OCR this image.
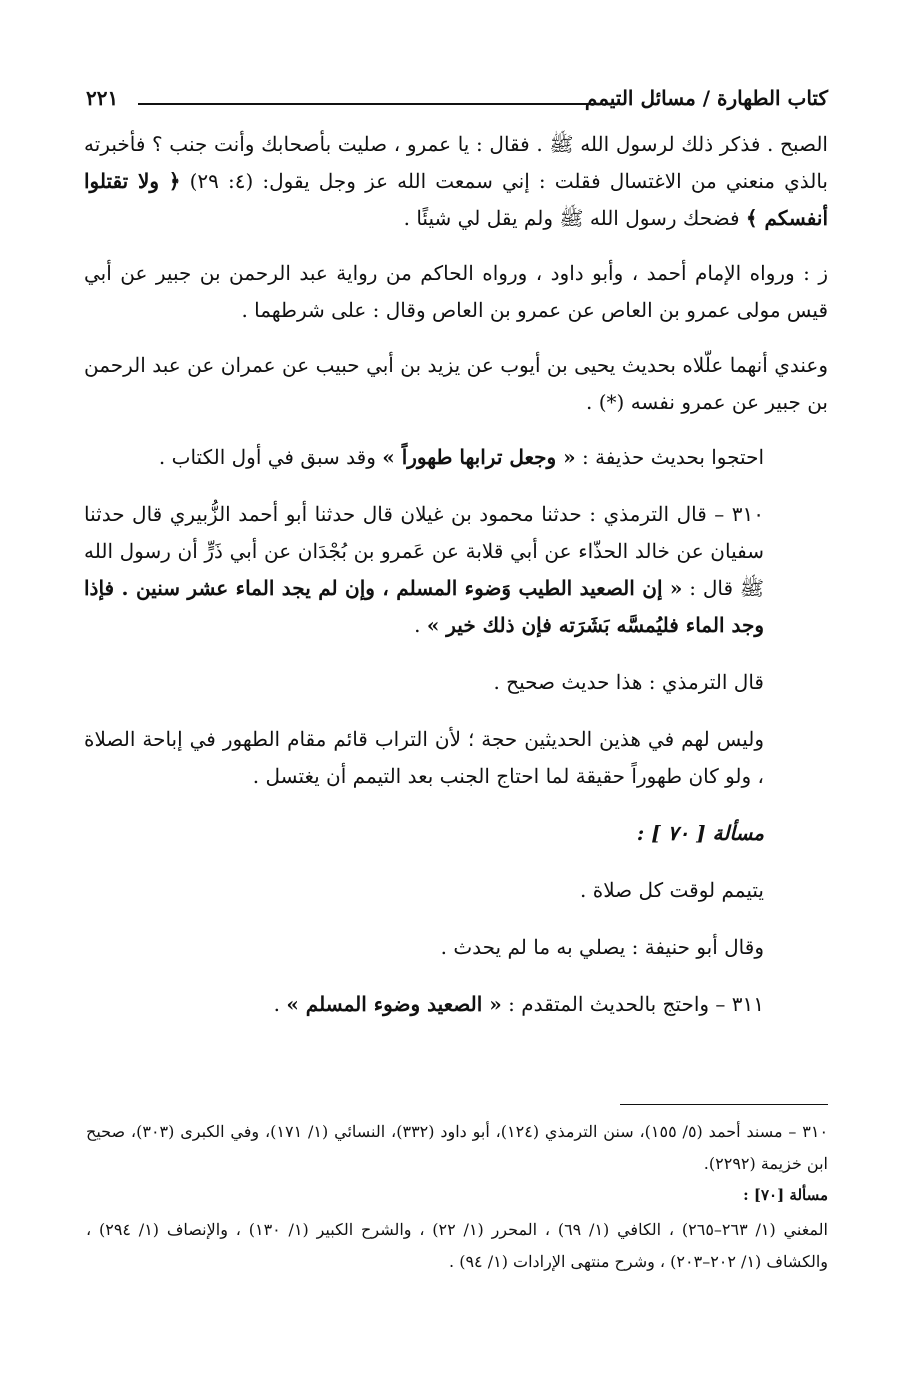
كتاب الطهارة / مسائل التيمم
٢٢١

الصبح . فذكر ذلك لرسول الله ﷺ . فقال : يا عمرو ، صليت بأصحابك وأنت جنب ؟ فأخبرته بالذي منعني من الاغتسال فقلت : إني سمعت الله عز وجل يقول: (٤: ٢٩) ﴿ ولا تقتلوا أنفسكم ﴾ فضحك رسول الله ﷺ ولم يقل لي شيئًا .

ز : ورواه الإمام أحمد ، وأبو داود ، ورواه الحاكم من رواية عبد الرحمن بن جبير عن أبي قيس مولى عمرو بن العاص عن عمرو بن العاص وقال : على شرطهما .

وعندي أنهما علّلاه بحديث يحيى بن أيوب عن يزيد بن أبي حبيب عن عمران عن عبد الرحمن بن جبير عن عمرو نفسه (*) .

احتجوا بحديث حذيفة : « وجعل ترابها طهوراً » وقد سبق في أول الكتاب .

٣١٠ – قال الترمذي : حدثنا محمود بن غيلان قال حدثنا أبو أحمد الزُّبيري قال حدثنا سفيان عن خالد الحذّاء عن أبي قلابة عن عَمرو بن بُجْدَان عن أبي ذَرٍّ أن رسول الله ﷺ قال : « إن الصعيد الطيب وَضوء المسلم ، وإن لم يجد الماء عشر سنين . فإذا وجد الماء فليُمسَّه بَشَرَته فإن ذلك خير » .

قال الترمذي : هذا حديث صحيح .

وليس لهم في هذين الحديثين حجة ؛ لأن التراب قائم مقام الطهور في إباحة الصلاة ، ولو كان طهوراً حقيقة لما احتاج الجنب بعد التيمم أن يغتسل .

مسألة [ ٧٠ ] :

يتيمم لوقت كل صلاة .

وقال أبو حنيفة : يصلي به ما لم يحدث .

٣١١ – واحتج بالحديث المتقدم : « الصعيد وضوء المسلم » .

٣١٠ – مسند أحمد (٥/ ١٥٥)، سنن الترمذي (١٢٤)، أبو داود (٣٣٢)، النسائي (١/ ١٧١)، وفي الكبرى (٣٠٣)، صحيح ابن خزيمة (٢٢٩٢).

مسألة [٧٠] :

المغني (١/ ٢٦٣–٢٦٥) ، الكافي (١/ ٦٩) ، المحرر (١/ ٢٢) ، والشرح الكبير (١/ ١٣٠) ، والإنصاف (١/ ٢٩٤) ، والكشاف (١/ ٢٠٢–٢٠٣) ، وشرح منتهى الإرادات (١/ ٩٤) .
